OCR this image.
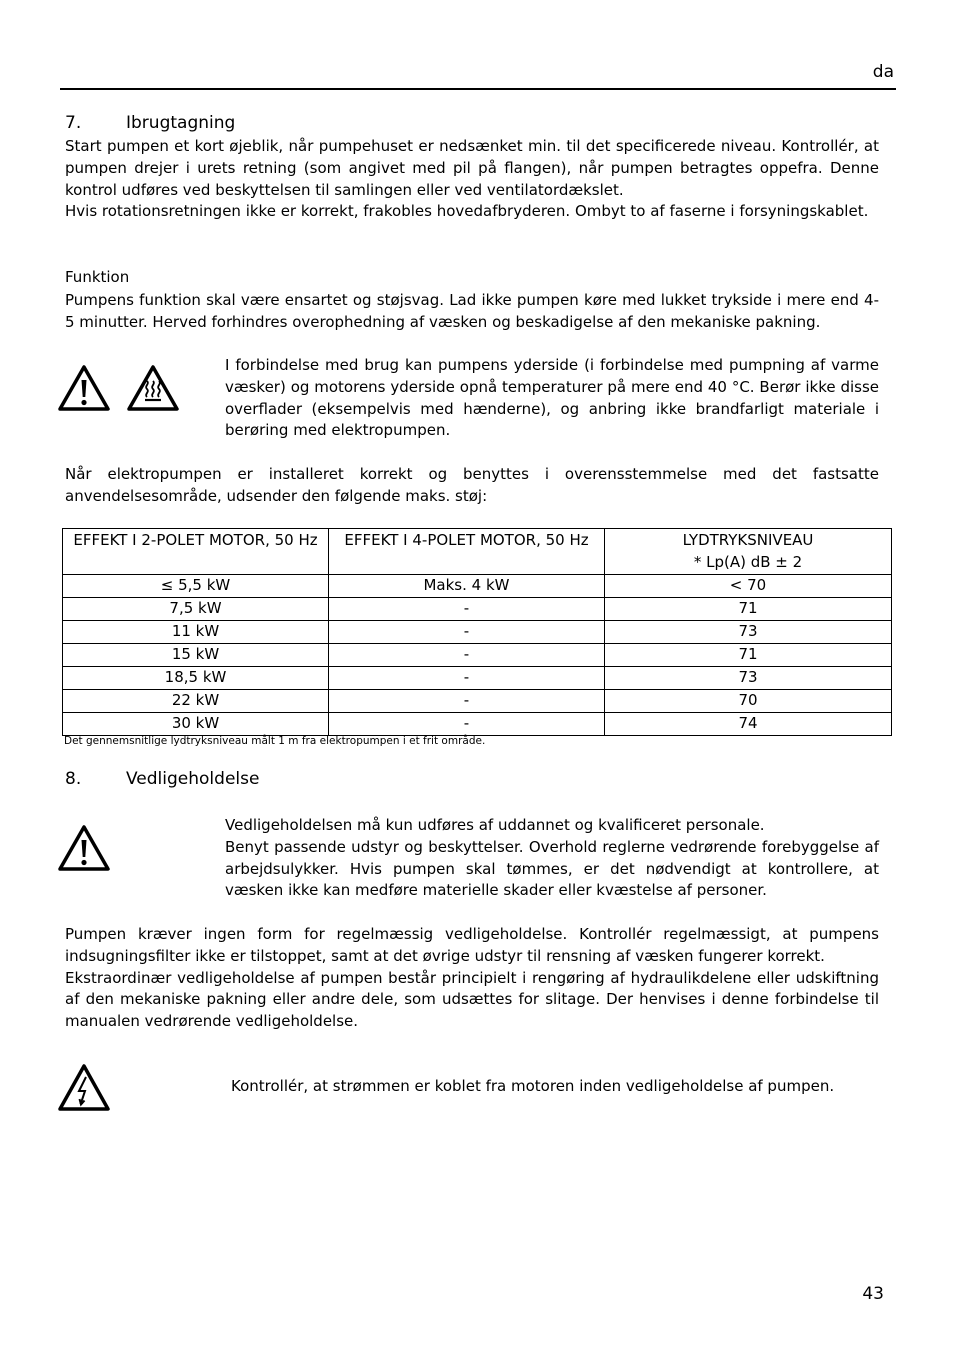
da
7.	Ibrugtagning

Start pumpen et kort øjeblik, når pumpehuset er nedsænket min. til det specificerede niveau. Kontrollér, at pumpen drejer i urets retning (som angivet med pil på flangen), når pumpen betragtes oppefra. Denne kontrol udføres ved beskyttelsen til samlingen eller ved ventilatordækslet.

Hvis rotationsretningen ikke er korrekt, frakobles hovedafbryderen. Ombyt to af faserne i forsyningskablet.

Funktion

Pumpens funktion skal være ensartet og støjsvag. Lad ikke pumpen køre med lukket trykside i mere end 4-5 minutter. Herved forhindres overophedning af væsken og beskadigelse af den mekaniske pakning.

I forbindelse med brug kan pumpens yderside (i forbindelse med pumpning af varme væsker) og motorens yderside opnå temperaturer på mere end 40 °C. Berør ikke disse overflader (eksempelvis med hænderne), og anbring ikke brandfarligt materiale i berøring med elektropumpen.

Når elektropumpen er installeret korrekt og benyttes i overensstemmelse med det fastsatte anvendelsesområde, udsender den følgende maks. støj:

EFFEKT I 2-POLET MOTOR, 50 Hz	EFFEKT I 4-POLET MOTOR, 50 Hz	LYDTRYKSNIVEAU
* Lp(A) dB ± 2

≤ 5,5 kW	Maks. 4 kW	< 70
7,5 kW	-	71
11 kW	-	73
15 kW	-	71
18,5 kW	-	73
22 kW	-	70
30 kW	-	74
Det gennemsnitlige lydtryksniveau målt 1 m fra elektropumpen i et frit område.
8.	Vedligeholdelse

Vedligeholdelsen må kun udføres af uddannet og kvalificeret personale.

Benyt passende udstyr og beskyttelser. Overhold reglerne vedrørende forebyggelse af arbejdsulykker. Hvis pumpen skal tømmes, er det nødvendigt at kontrollere, at væsken ikke kan medføre materielle skader eller kvæstelse af personer.

Pumpen kræver ingen form for regelmæssig vedligeholdelse. Kontrollér regelmæssigt, at pumpens indsugningsfilter ikke er tilstoppet, samt at det øvrige udstyr til rensning af væsken fungerer korrekt.

Ekstraordinær vedligeholdelse af pumpen består principielt i rengøring af hydraulikdelene eller udskiftning af den mekaniske pakning eller andre dele, som udsættes for slitage. Der henvises i denne forbindelse til manualen vedrørende vedligeholdelse.

Kontrollér, at strømmen er koblet fra motoren inden vedligeholdelse af pumpen.
43
